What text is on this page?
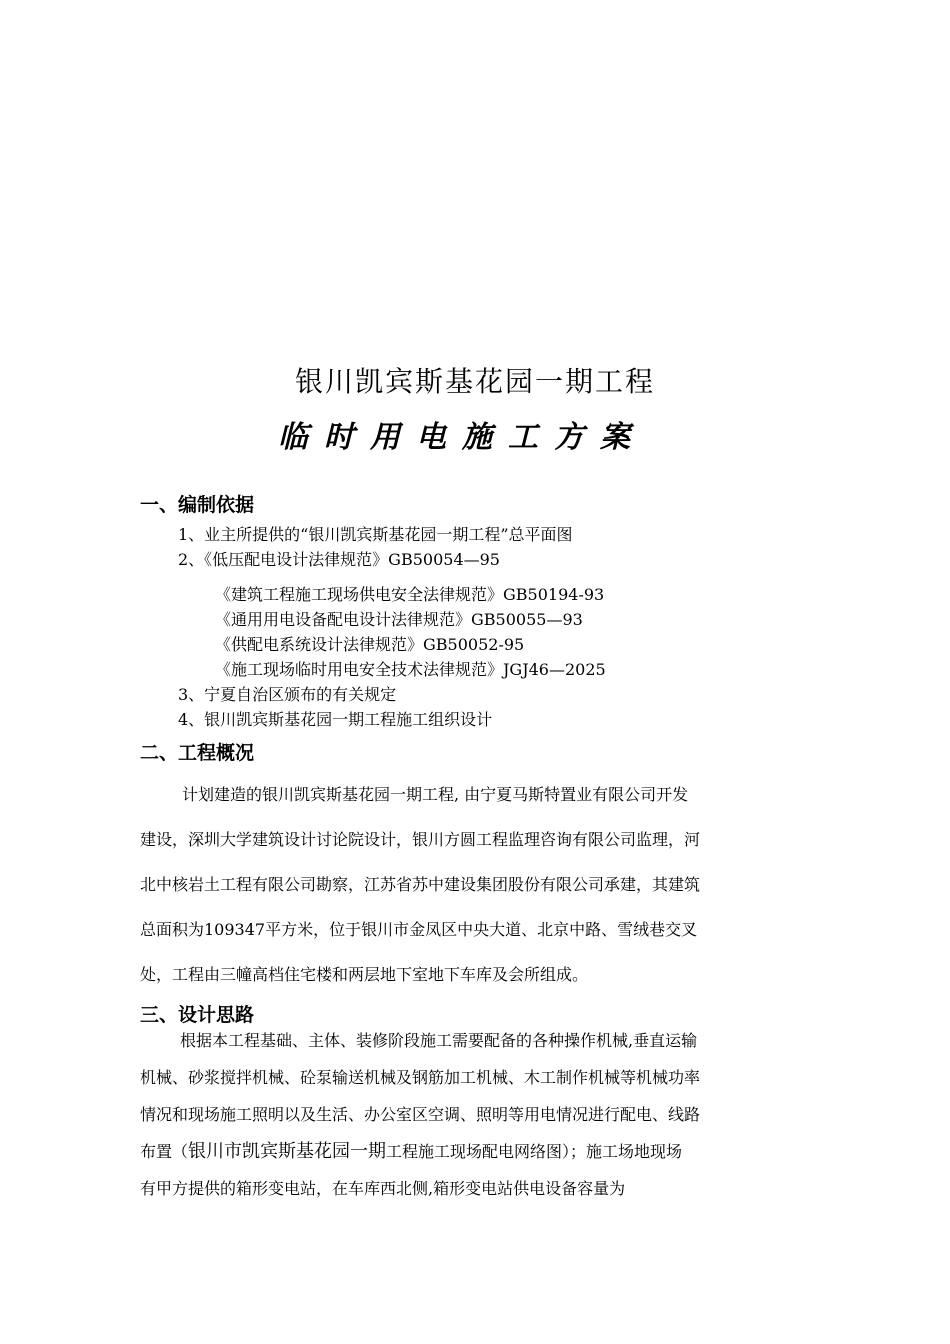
银川凯宾斯基花园一期工程
临时用电施工方案
一、编制依据
1、业主所提供的“银川凯宾斯基花园一期工程”总平面图
2、《低压配电设计法律规范》GB50054—95
《建筑工程施工现场供电安全法律规范》GB50194-93
《通用用电设备配电设计法律规范》GB50055—93
《供配电系统设计法律规范》GB50052-95
《施工现场临时用电安全技术法律规范》JGJ46—2025
3、宁夏自治区颁布的有关规定
4、银川凯宾斯基花园一期工程施工组织设计
二、工程概况
计划建造的银川凯宾斯基花园一期工程, 由宁夏马斯特置业有限公司开发
建设，深圳大学建筑设计讨论院设计，银川方圆工程监理咨询有限公司监理，河
北中核岩土工程有限公司勘察，江苏省苏中建设集团股份有限公司承建，其建筑
总面积为109347平方米，位于银川市金凤区中央大道、北京中路、雪绒巷交叉
处，工程由三幢高档住宅楼和两层地下室地下车库及会所组成。
三、设计思路
根据本工程基础、主体、装修阶段施工需要配备的各种操作机械,垂直运输
机械、砂浆搅拌机械、砼泵输送机械及钢筋加工机械、木工制作机械等机械功率
情况和现场施工照明以及生活、办公室区空调、照明等用电情况进行配电、线路
布置（银川市凯宾斯基花园一期工程施工现场配电网络图）；施工场地现场
有甲方提供的箱形变电站，在车库西北侧,箱形变电站供电设备容量为
